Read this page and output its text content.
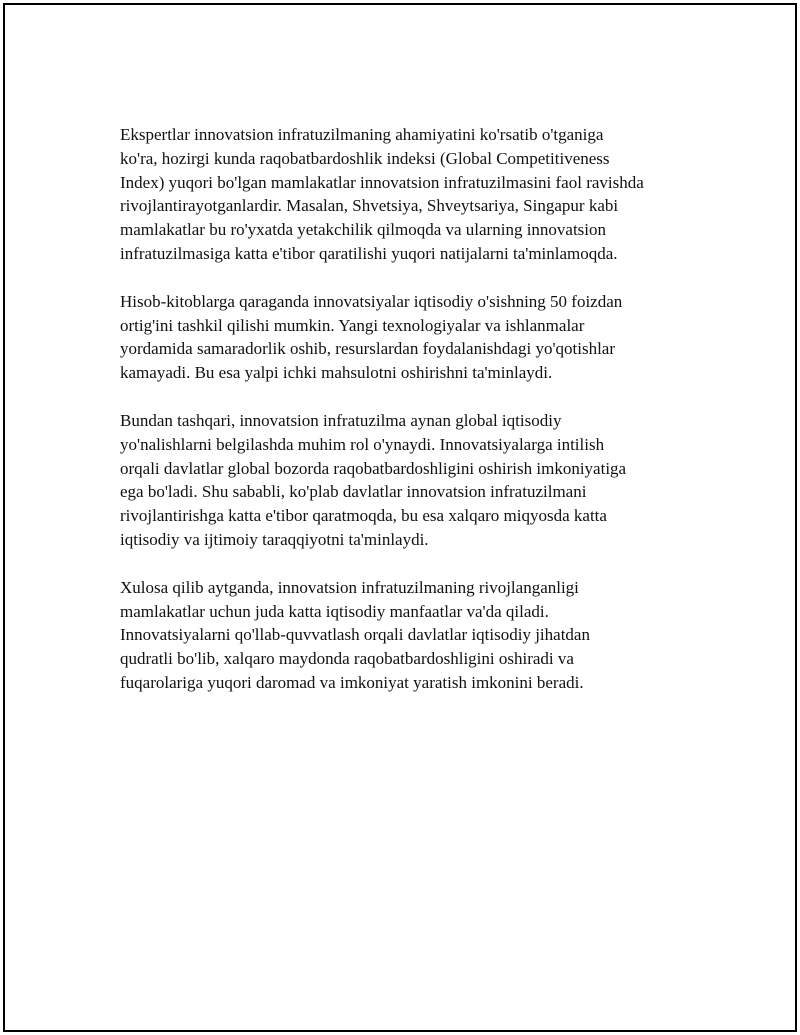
Ekspertlar innovatsion infratuzilmaning ahamiyatini ko'rsatib o'tganiga
ko'ra, hozirgi kunda raqobatbardoshlik indeksi (Global Competitiveness
Index) yuqori bo'lgan mamlakatlar innovatsion infratuzilmasini faol ravishda
rivojlantirayotganlardir. Masalan, Shvetsiya, Shveytsariya, Singapur kabi
mamlakatlar bu ro'yxatda yetakchilik qilmoqda va ularning innovatsion
infratuzilmasiga katta e'tibor qaratilishi yuqori natijalarni ta'minlamoqda.

Hisob-kitoblarga qaraganda innovatsiyalar iqtisodiy o'sishning 50 foizdan
ortig'ini tashkil qilishi mumkin. Yangi texnologiyalar va ishlanmalar
yordamida samaradorlik oshib, resurslardan foydalanishdagi yo'qotishlar
kamayadi. Bu esa yalpi ichki mahsulotni oshirishni ta'minlaydi.

Bundan tashqari, innovatsion infratuzilma aynan global iqtisodiy
yo'nalishlarni belgilashda muhim rol o'ynaydi. Innovatsiyalarga intilish
orqali davlatlar global bozorda raqobatbardoshligini oshirish imkoniyatiga
ega bo'ladi. Shu sababli, ko'plab davlatlar innovatsion infratuzilmani
rivojlantirishga katta e'tibor qaratmoqda, bu esa xalqaro miqyosda katta
iqtisodiy va ijtimoiy taraqqiyotni ta'minlaydi.

Xulosa qilib aytganda, innovatsion infratuzilmaning rivojlanganligi
mamlakatlar uchun juda katta iqtisodiy manfaatlar va'da qiladi.
Innovatsiyalarni qo'llab-quvvatlash orqali davlatlar iqtisodiy jihatdan
qudratli bo'lib, xalqaro maydonda raqobatbardoshligini oshiradi va
fuqarolariga yuqori daromad va imkoniyat yaratish imkonini beradi.
